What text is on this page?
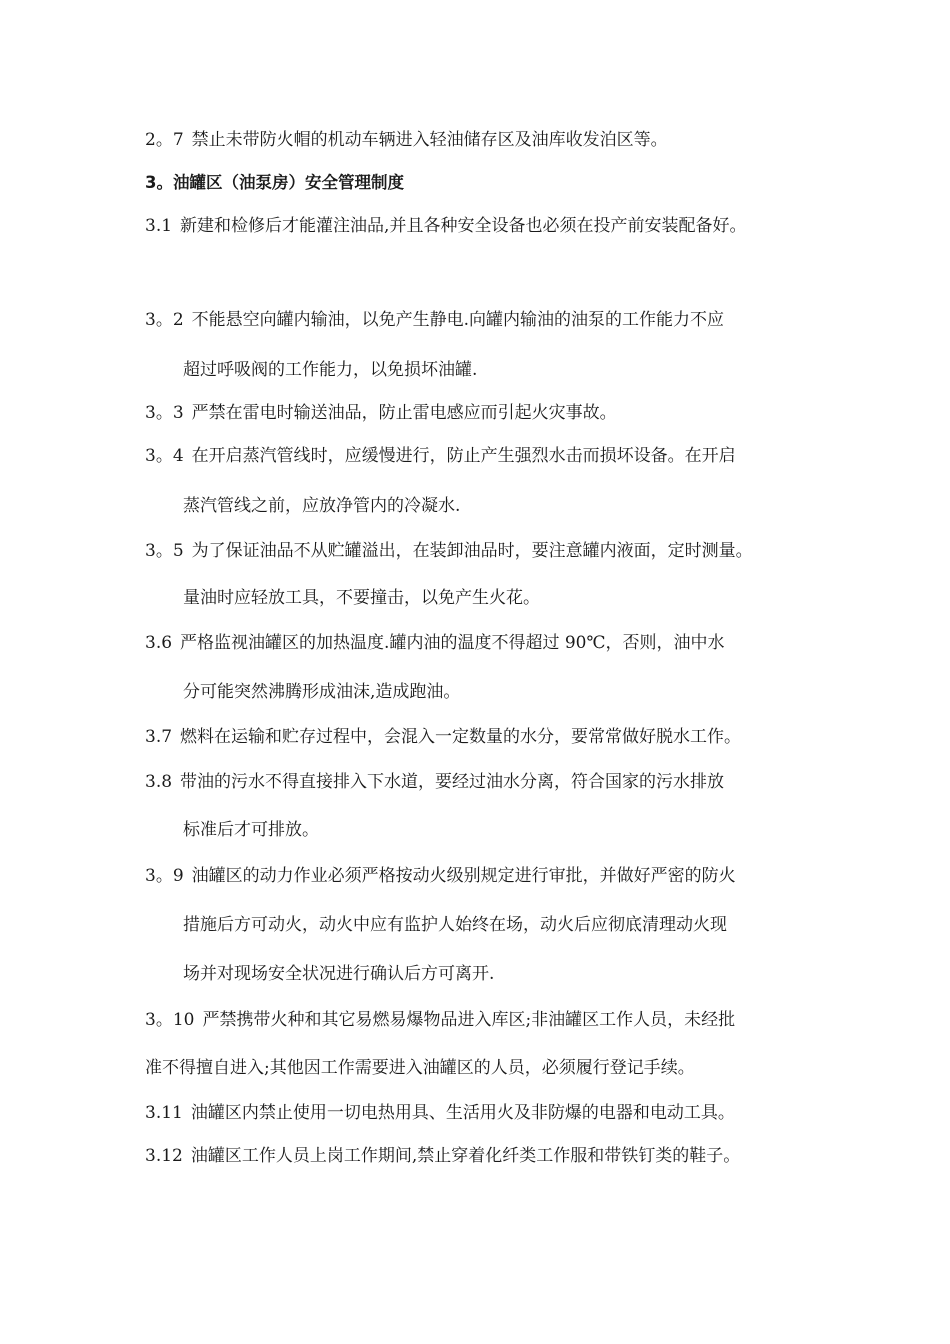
2。7 禁止未带防火帽的机动车辆进入轻油储存区及油库收发泊区等。
3。油罐区（油泵房）安全管理制度
3.1 新建和检修后才能灌注油品,并且各种安全设备也必须在投产前安装配备好。
3。2 不能悬空向罐内输油，以免产生静电.向罐内输油的油泵的工作能力不应
超过呼吸阀的工作能力，以免损坏油罐.
3。3 严禁在雷电时输送油品，防止雷电感应而引起火灾事故。
3。4 在开启蒸汽管线时，应缓慢进行，防止产生强烈水击而损坏设备。在开启
蒸汽管线之前，应放净管内的冷凝水.
3。5 为了保证油品不从贮罐溢出，在装卸油品时，要注意罐内液面，定时测量。
量油时应轻放工具，不要撞击，以免产生火花。
3.6 严格监视油罐区的加热温度.罐内油的温度不得超过 90℃，否则，油中水
分可能突然沸腾形成油沫,造成跑油。
3.7 燃料在运输和贮存过程中，会混入一定数量的水分，要常常做好脱水工作。
3.8 带油的污水不得直接排入下水道，要经过油水分离，符合国家的污水排放
标准后才可排放。
3。9 油罐区的动力作业必须严格按动火级别规定进行审批，并做好严密的防火
措施后方可动火，动火中应有监护人始终在场，动火后应彻底清理动火现
场并对现场安全状况进行确认后方可离开.
3。10 严禁携带火种和其它易燃易爆物品进入库区;非油罐区工作人员，未经批
准不得擅自进入;其他因工作需要进入油罐区的人员，必须履行登记手续。
3.11 油罐区内禁止使用一切电热用具、生活用火及非防爆的电器和电动工具。
3.12 油罐区工作人员上岗工作期间,禁止穿着化纤类工作服和带铁钉类的鞋子。
